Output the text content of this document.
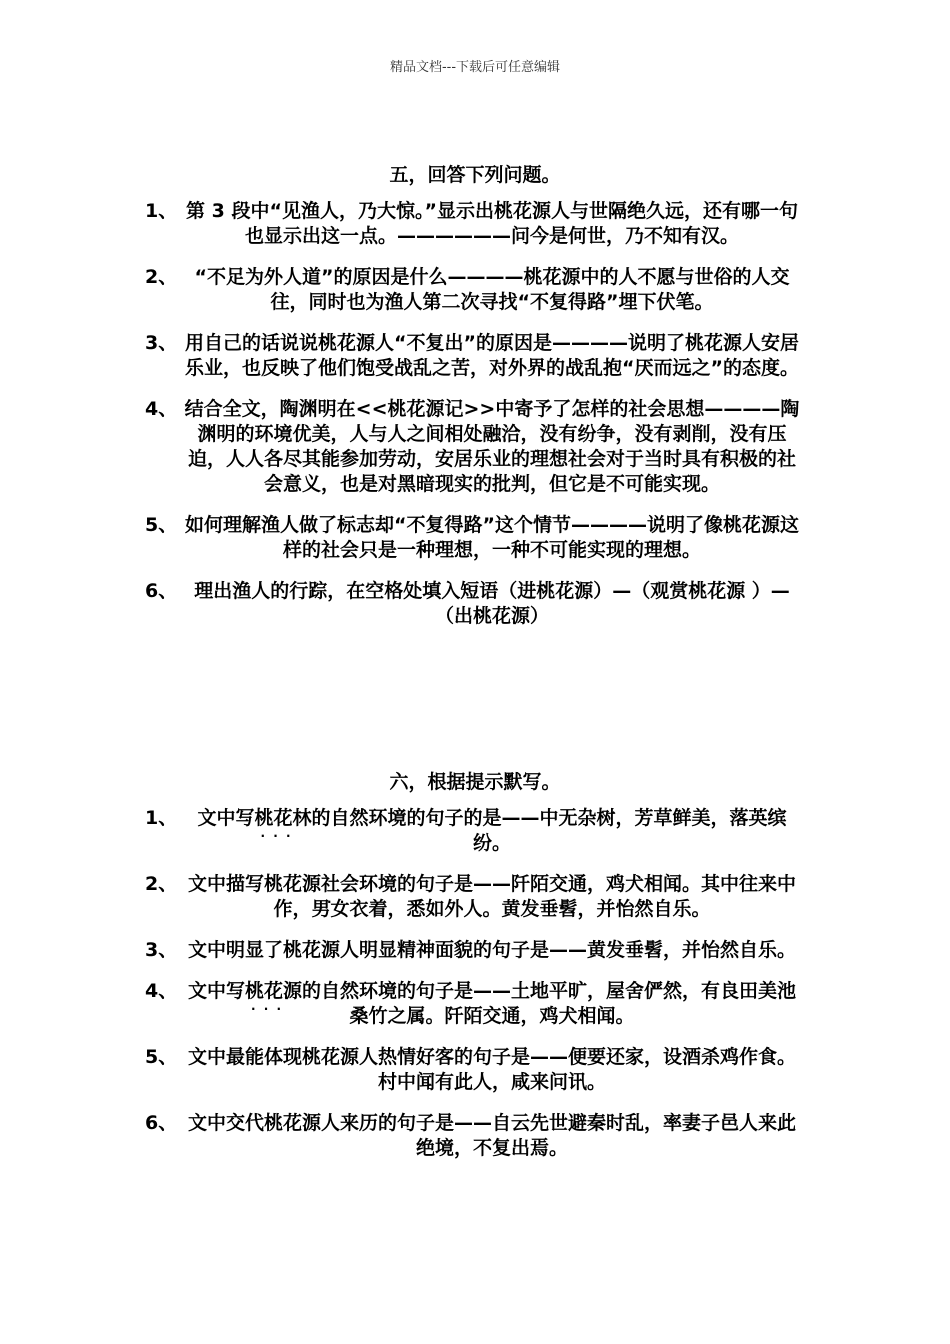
精品文档---下载后可任意编辑
五，回答下列问题。
1、 第 3 段中“见渔人，乃大惊。”显示出桃花源人与世隔绝久远，还有哪一句也显示出这一点。——————问今是何世，乃不知有汉。
2、 “不足为外人道”的原因是什么————桃花源中的人不愿与世俗的人交往，同时也为渔人第二次寻找“不复得路”埋下伏笔。
3、 用自己的话说说桃花源人“不复出”的原因是————说明了桃花源人安居乐业，也反映了他们饱受战乱之苦，对外界的战乱抱“厌而远之”的态度。
4、 结合全文，陶渊明在<<桃花源记>>中寄予了怎样的社会思想————陶渊明的环境优美，人与人之间相处融洽，没有纷争，没有剥削，没有压迫，人人各尽其能参加劳动，安居乐业的理想社会对于当时具有积极的社会意义，也是对黑暗现实的批判，但它是不可能实现。
5、 如何理解渔人做了标志却“不复得路”这个情节————说明了像桃花源这样的社会只是一种理想，一种不可能实现的理想。
6、 理出渔人的行踪，在空格处填入短语（进桃花源）—（观赏桃花源 ）—（出桃花源）
六，根据提示默写。
1、	文中写桃花林 · · ·的自然环境的句子的是——中无杂树，芳草鲜美，落英缤纷。
2、 文中描写桃花源社会 · · ·环境的句子是——阡陌交通，鸡犬相闻。其中往来中作，男女衣着，悉如外人。黄发垂髫，并怡然自乐。
3、 文中明显了桃花源人明显精神面貌的句子是——黄发垂髫，并怡然自乐。
4、 文中写桃花源 · · ·的自然环境的句子是——土地平旷，屋舍俨然，有良田美池桑竹之属。阡陌交通，鸡犬相闻。
5、 文中最能体现桃花源人热情好客的句子是——便要还家，设酒杀鸡作食。村中闻有此人，咸来问讯。
6、 文中交代桃花源人来历的句子是——自云先世避秦时乱，率妻子邑人来此绝境，不复出焉。
